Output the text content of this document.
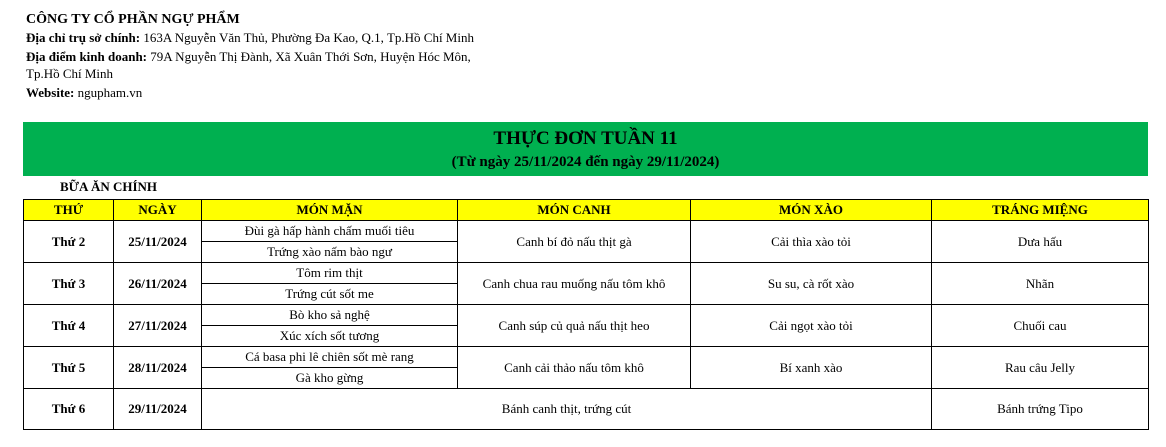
CÔNG TY CỔ PHẦN NGỰ PHẨM
Địa chỉ trụ sở chính: 163A Nguyễn Văn Thủ, Phường Đa Kao, Q.1, Tp.Hồ Chí Minh
Địa điểm kinh doanh: 79A Nguyễn Thị Đành, Xã Xuân Thới Sơn, Huyện Hóc Môn, Tp.Hồ Chí Minh
Website: ngupham.vn
THỰC ĐƠN TUẦN 11
(Từ ngày 25/11/2024 đến ngày 29/11/2024)
BỮA ĂN CHÍNH
THỨ	NGÀY	MÓN MẶN	MÓN CANH	MÓN XÀO	TRÁNG MIỆNG
Thứ 2	25/11/2024	Đùi gà hấp hành chấm muối tiêu	Canh bí đỏ nấu thịt gà	Cải thìa xào tỏi	Dưa hấu
		Trứng xào nấm bào ngư			
Thứ 3	26/11/2024	Tôm rim thịt	Canh chua rau muống nấu tôm khô	Su su, cà rốt xào	Nhãn
		Trứng cút sốt me			
Thứ 4	27/11/2024	Bò kho sả nghệ	Canh súp củ quả nấu thịt heo	Cải ngọt xào tỏi	Chuối cau
		Xúc xích sốt tương			
Thứ 5	28/11/2024	Cá basa phi lê chiên sốt mè rang	Canh cải thảo nấu tôm khô	Bí xanh xào	Rau câu Jelly
		Gà kho gừng			
Thứ 6	29/11/2024	Bánh canh thịt, trứng cút			Bánh trứng Tipo
